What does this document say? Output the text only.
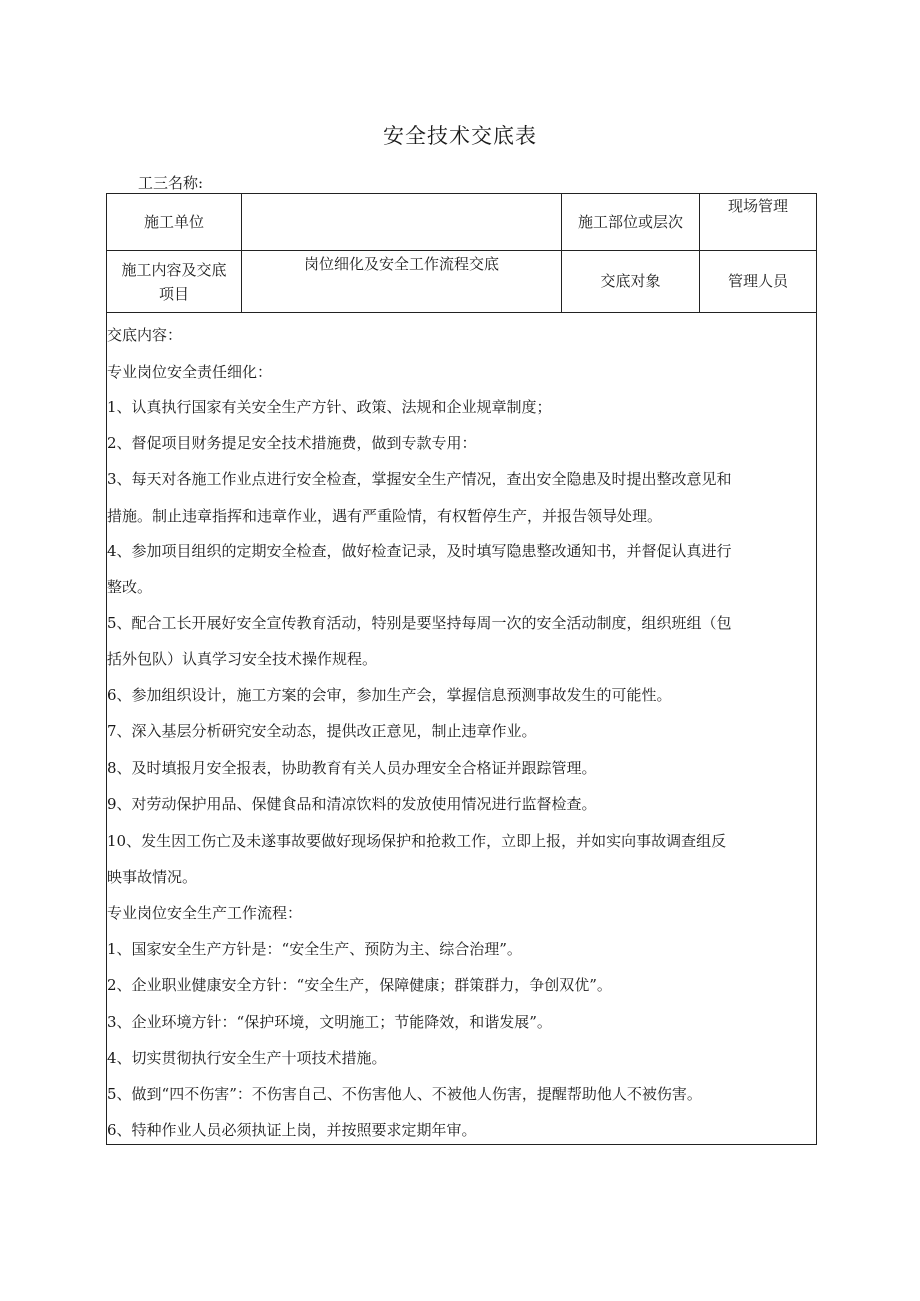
安全技术交底表
工三名称:
施工单位	施工部位或层次
现场管理
施工内容及交底
项目
岗位细化及安全工作流程交底
交底对象	管理人员
交底内容：
专业岗位安全责任细化：
1、认真执行国家有关安全生产方针、政策、法规和企业规章制度；
2、督促项目财务提足安全技术措施费，做到专款专用：
3、每天对各施工作业点进行安全检查，掌握安全生产情况，查出安全隐患及时提出整改意见和
措施。制止违章指挥和违章作业，遇有严重险情，有权暂停生产，并报告领导处理。
4、参加项目组织的定期安全检查，做好检查记录，及时填写隐患整改通知书，并督促认真进行
整改。
5、配合工长开展好安全宣传教育活动，特别是要坚持每周一次的安全活动制度，组织班组（包
括外包队）认真学习安全技术操作规程。
6、参加组织设计，施工方案的会审，参加生产会，掌握信息预测事故发生的可能性。
7、深入基层分析研究安全动态，提供改正意见，制止违章作业。
8、及时填报月安全报表，协助教育有关人员办理安全合格证并跟踪管理。
9、对劳动保护用品、保健食品和清凉饮料的发放使用情况进行监督检查。
10、发生因工伤亡及未遂事故要做好现场保护和抢救工作，立即上报，并如实向事故调查组反
映事故情况。
专业岗位安全生产工作流程：
1、国家安全生产方针是：“安全生产、预防为主、综合治理”。
2、企业职业健康安全方针：“安全生产，保障健康；群策群力，争创双优”。
3、企业环境方针：“保护环境，文明施工；节能降效，和谐发展”。
4、切实贯彻执行安全生产十项技术措施。
5、做到“四不伤害”：不伤害自己、不伤害他人、不被他人伤害，提醒帮助他人不被伤害。
6、特种作业人员必须执证上岗，并按照要求定期年审。
